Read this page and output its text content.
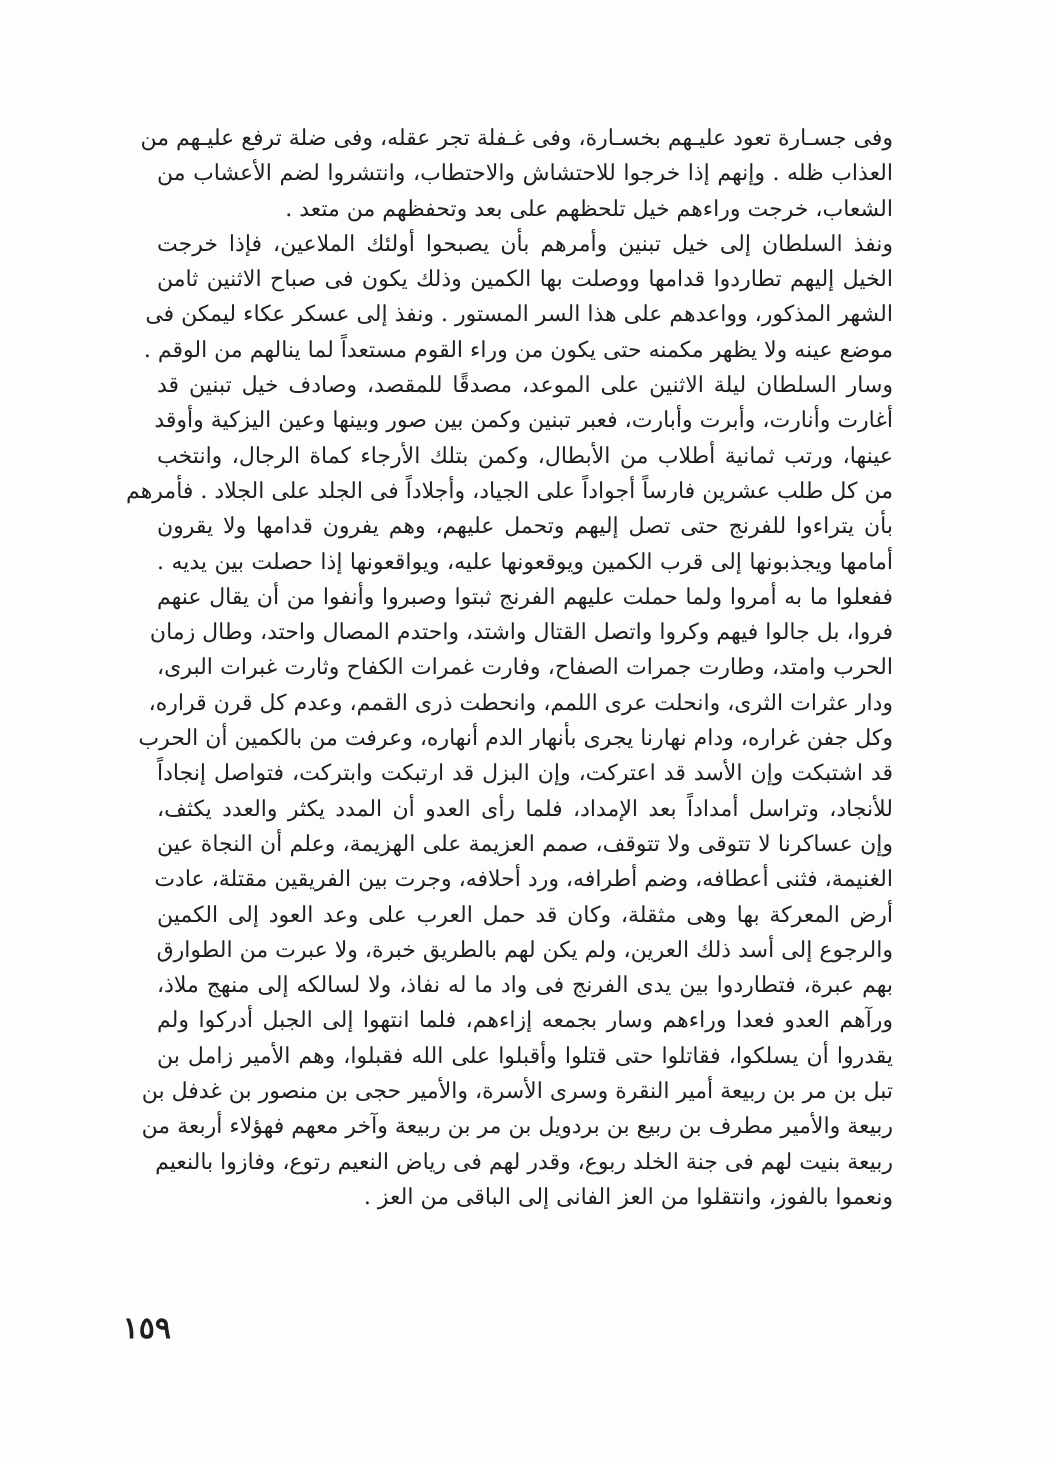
وفى جسـارة تعود عليـهم بخسـارة، وفى غـفلة تجر عقله، وفى ضلة ترفع عليـهم من
العذاب ظله . وإنهم إذا خرجوا للاحتشاش والاحتطاب، وانتشروا لضم الأعشاب من
الشعاب، خرجت وراءهم خيل تلحظهم على بعد وتحفظهم من متعد .
ونفذ السلطان إلى خيل تبنين وأمرهم بأن يصبحوا أولئك الملاعين، فإذا خرجت
الخيل إليهم تطاردوا قدامها ووصلت بها الكمين وذلك يكون فى صباح الاثنين ثامن
الشهر المذكور، وواعدهم على هذا السر المستور . ونفذ إلى عسكر عكاء ليمكن فى
موضع عينه ولا يظهر مكمنه حتى يكون من وراء القوم مستعداً لما ينالهم من الوقم .
وسار السلطان ليلة الاثنين على الموعد، مصدقًا للمقصد، وصادف خيل تبنين قد
أغارت وأنارت، وأبرت وأبارت، فعبر تبنين وكمن بين صور وبينها وعين اليزكية وأوقد
عينها، ورتب ثمانية أطلاب من الأبطال، وكمن بتلك الأرجاء كماة الرجال، وانتخب
من كل طلب عشرين فارساً أجواداً على الجياد، وأجلاداً فى الجلد على الجلاد . فأمرهم
بأن يتراءوا للفرنج حتى تصل إليهم وتحمل عليهم، وهم يفرون قدامها ولا يقرون
أمامها ويجذبونها إلى قرب الكمين ويوقعونها عليه، ويواقعونها إذا حصلت بين يديه .
ففعلوا ما به أمروا ولما حملت عليهم الفرنج ثبتوا وصبروا وأنفوا من أن يقال عنهم
فروا، بل جالوا فيهم وكروا واتصل القتال واشتد، واحتدم المصال واحتد، وطال زمان
الحرب وامتد، وطارت جمرات الصفاح، وفارت غمرات الكفاح وثارت غبرات البرى،
ودار عثرات الثرى، وانحلت عرى اللمم، وانحطت ذرى القمم، وعدم كل قرن قراره،
وكل جفن غراره، ودام نهارنا يجرى بأنهار الدم أنهاره، وعرفت من بالكمين أن الحرب
قد اشتبكت وإن الأسد قد اعتركت، وإن البزل قد ارتبكت وابتركت، فتواصل إنجاداً
للأنجاد، وتراسل أمداداً بعد الإمداد، فلما رأى العدو أن المدد يكثر والعدد يكثف،
وإن عساكرنا لا تتوقى ولا تتوقف، صمم العزيمة على الهزيمة، وعلم أن النجاة عين
الغنيمة، فثنى أعطافه، وضم أطرافه، ورد أحلافه، وجرت بين الفريقين مقتلة، عادت
أرض المعركة بها وهى مثقلة، وكان قد حمل العرب على وعد العود إلى الكمين
والرجوع إلى أسد ذلك العرين، ولم يكن لهم بالطريق خبرة، ولا عبرت من الطوارق
بهم عبرة، فتطاردوا بين يدى الفرنج فى واد ما له نفاذ، ولا لسالكه إلى منهج ملاذ،
ورآهم العدو فعدا وراءهم وسار بجمعه إزاءهم، فلما انتهوا إلى الجبل أدركوا ولم
يقدروا أن يسلكوا، فقاتلوا حتى قتلوا وأقبلوا على الله فقبلوا، وهم الأمير زامل بن
تبل بن مر بن ربيعة أمير النقرة وسرى الأسرة، والأمير حجى بن منصور بن غدفل بن
ربيعة والأمير مطرف بن ربيع بن بردويل بن مر بن ربيعة وآخر معهم فهؤلاء أربعة من
ربيعة بنيت لهم فى جنة الخلد ربوع، وقدر لهم فى رياض النعيم رتوع، وفازوا بالنعيم
ونعموا بالفوز، وانتقلوا من العز الفانى إلى الباقى من العز .
١٥٩
